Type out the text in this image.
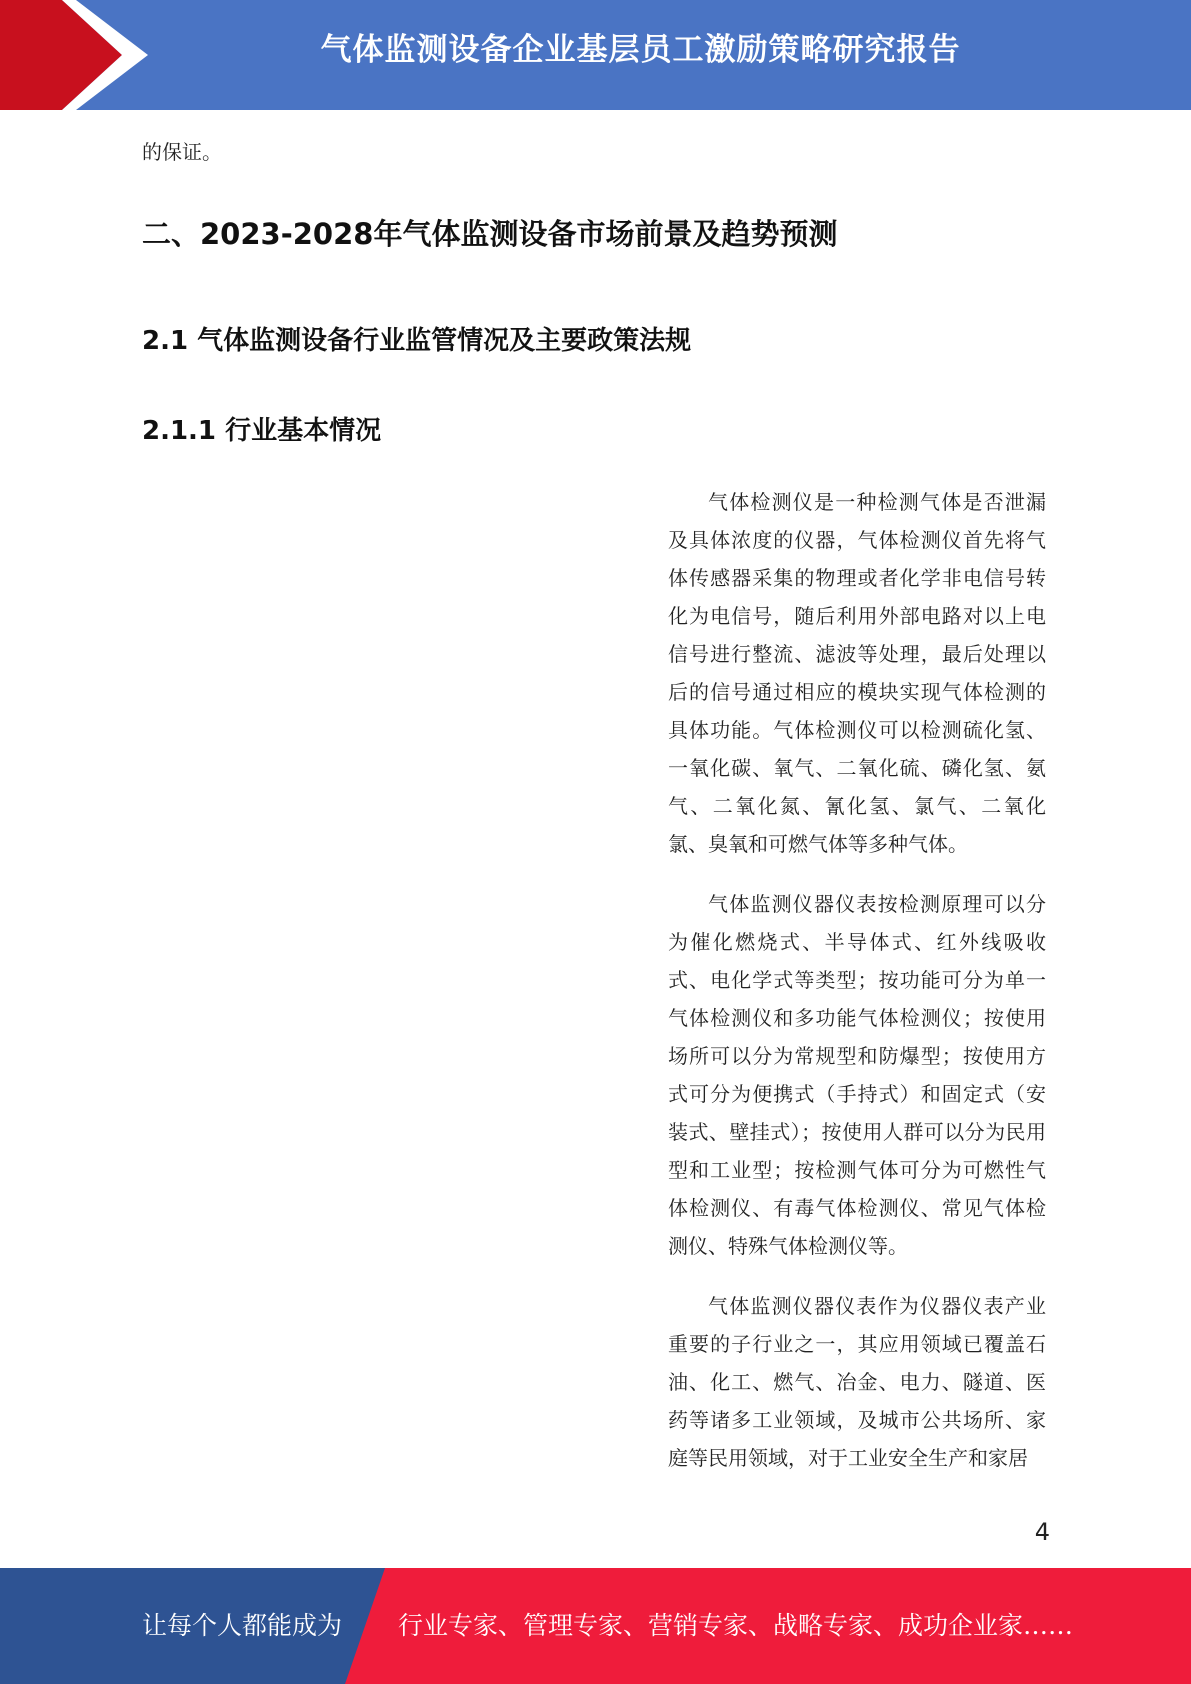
气体监测设备企业基层员工激励策略研究报告
的保证。
二、2023-2028年气体监测设备市场前景及趋势预测
2.1 气体监测设备行业监管情况及主要政策法规
2.1.1 行业基本情况

气体检测仪是一种检测气体是否泄漏及具体浓度的仪器，气体检测仪首先将气体传感器采集的物理或者化学非电信号转化为电信号，随后利用外部电路对以上电信号进行整流、滤波等处理，最后处理以后的信号通过相应的模块实现气体检测的具体功能。气体检测仪可以检测硫化氢、一氧化碳、氧气、二氧化硫、磷化氢、氨气、二氧化氮、氰化氢、氯气、二氧化氯、臭氧和可燃气体等多种气体。

气体监测仪器仪表按检测原理可以分为催化燃烧式、半导体式、红外线吸收式、电化学式等类型；按功能可分为单一气体检测仪和多功能气体检测仪；按使用场所可以分为常规型和防爆型；按使用方式可分为便携式（手持式）和固定式（安装式、壁挂式）；按使用人群可以分为民用型和工业型；按检测气体可分为可燃性气体检测仪、有毒气体检测仪、常见气体检测仪、特殊气体检测仪等。

气体监测仪器仪表作为仪器仪表产业重要的子行业之一，其应用领域已覆盖石油、化工、燃气、冶金、电力、隧道、医药等诸多工业领域，及城市公共场所、家庭等民用领域，对于工业安全生产和家居

4
让每个人都能成为 行业专家、管理专家、营销专家、战略专家、成功企业家……
